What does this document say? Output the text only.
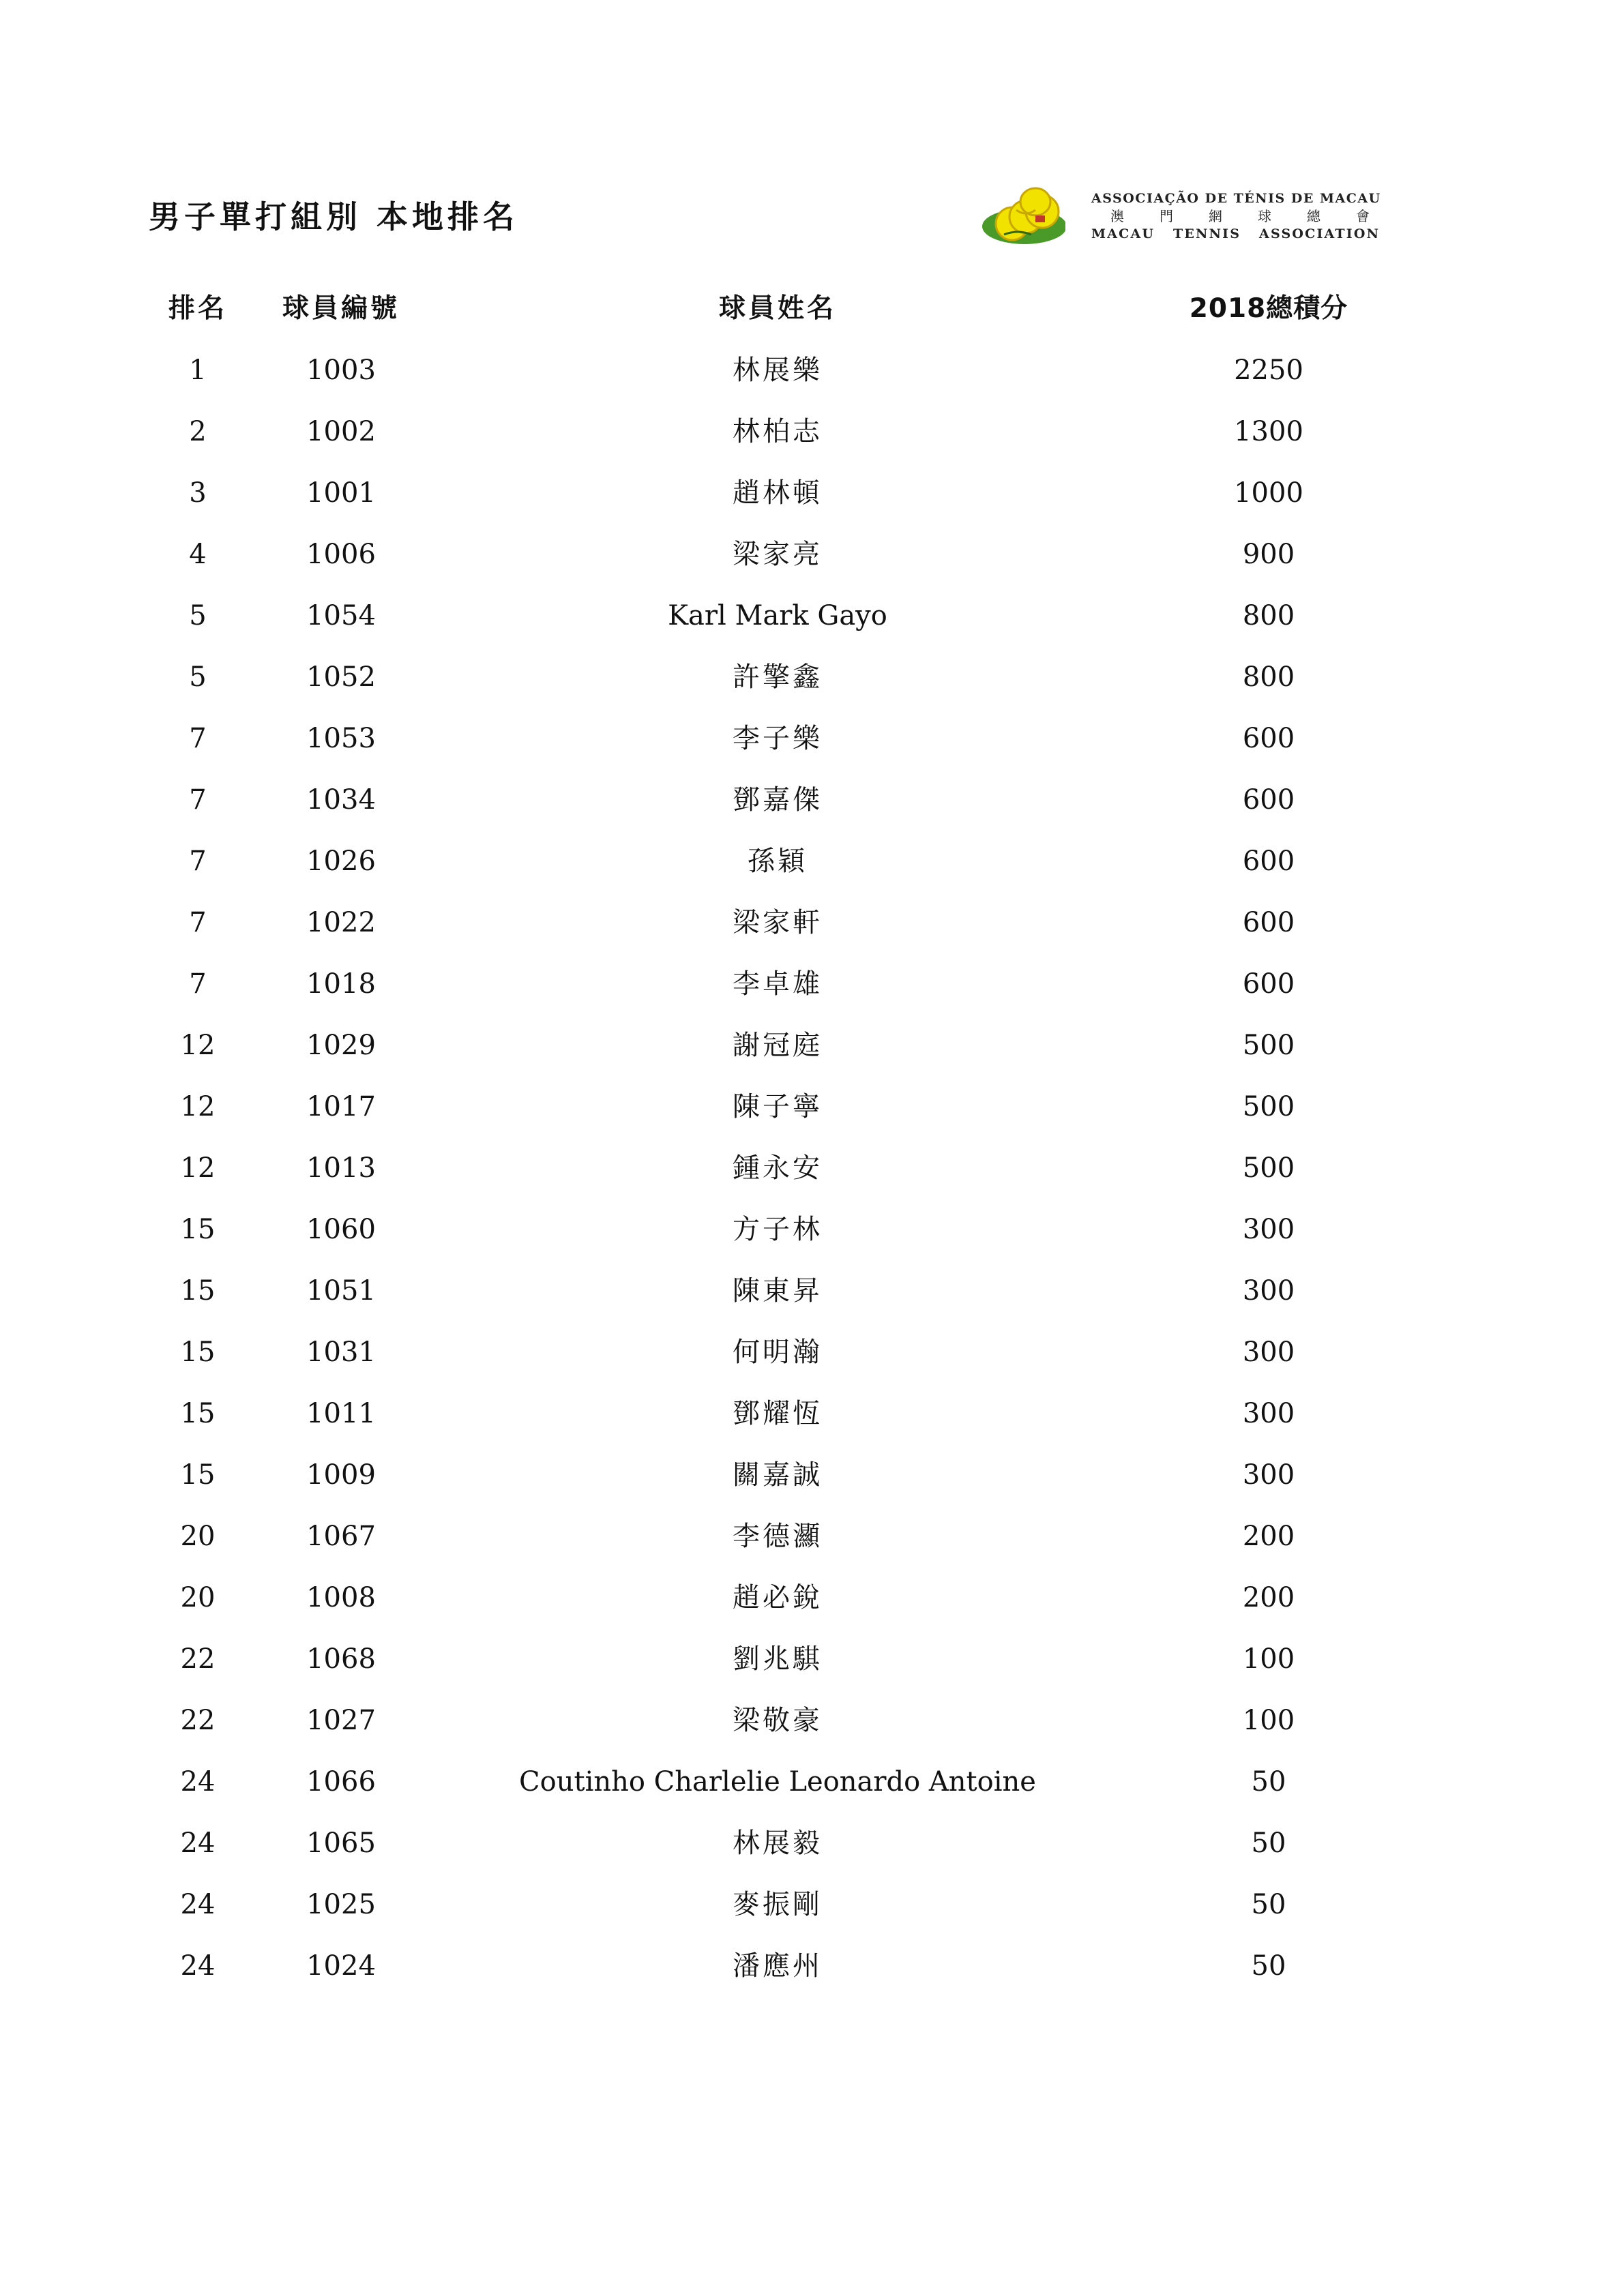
男子單打組別 本地排名	ASSOCIAÇÃO DE TÉNIS DE MACAU
澳門網球總會
MACAU TENNIS ASSOCIATION
排名	球員編號	球員姓名	2018總積分
1	1003	林展樂	2250
2	1002	林柏志	1300
3	1001	趙林頓	1000
4	1006	梁家亮	900
5	1054	Karl Mark Gayo	800
5	1052	許擎鑫	800
7	1053	李子樂	600
7	1034	鄧嘉傑	600
7	1026	孫穎	600
7	1022	梁家軒	600
7	1018	李卓雄	600
12	1029	謝冠庭	500
12	1017	陳子寧	500
12	1013	鍾永安	500
15	1060	方子林	300
15	1051	陳東昇	300
15	1031	何明瀚	300
15	1011	鄧耀恆	300
15	1009	關嘉誠	300
20	1067	李德灦	200
20	1008	趙必銳	200
22	1068	劉兆騏	100
22	1027	梁敬豪	100
24	1066	Coutinho Charlelie Leonardo Antoine	50
24	1065	林展毅	50
24	1025	麥振剛	50
24	1024	潘應州	50
